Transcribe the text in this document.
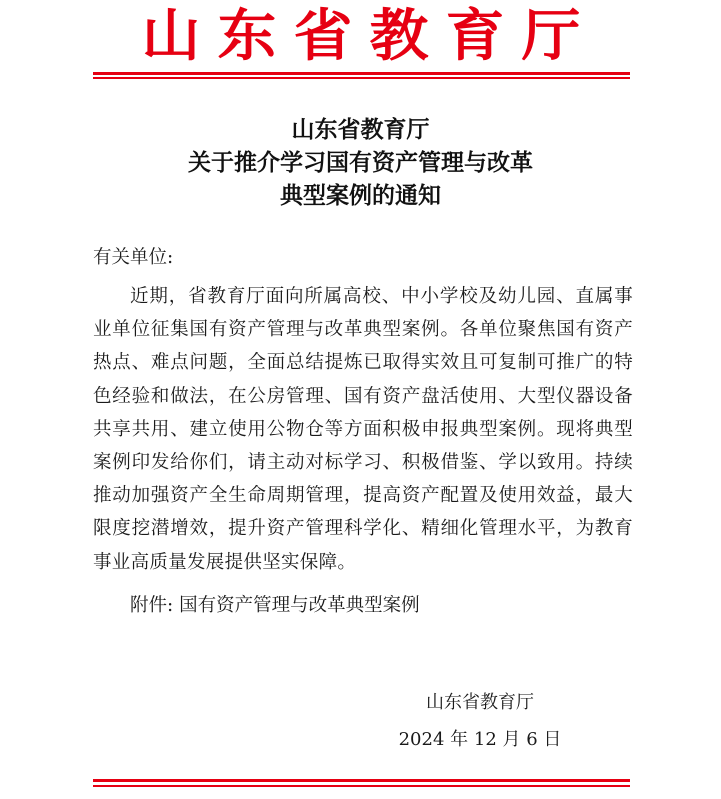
山 东 省 教 育 厅
山东省教育厅
关于推介学习国有资产管理与改革
典型案例的通知
有关单位:
近期，省教育厅面向所属高校、中小学校及幼儿园、直属事业单位征集国有资产管理与改革典型案例。各单位聚焦国有资产热点、难点问题，全面总结提炼已取得实效且可复制可推广的特色经验和做法，在公房管理、国有资产盘活使用、大型仪器设备共享共用、建立使用公物仓等方面积极申报典型案例。现将典型案例印发给你们，请主动对标学习、积极借鉴、学以致用。持续推动加强资产全生命周期管理，提高资产配置及使用效益，最大限度挖潜增效，提升资产管理科学化、精细化管理水平，为教育事业高质量发展提供坚实保障。
附件: 国有资产管理与改革典型案例
山东省教育厅
2024 年 12 月 6 日
